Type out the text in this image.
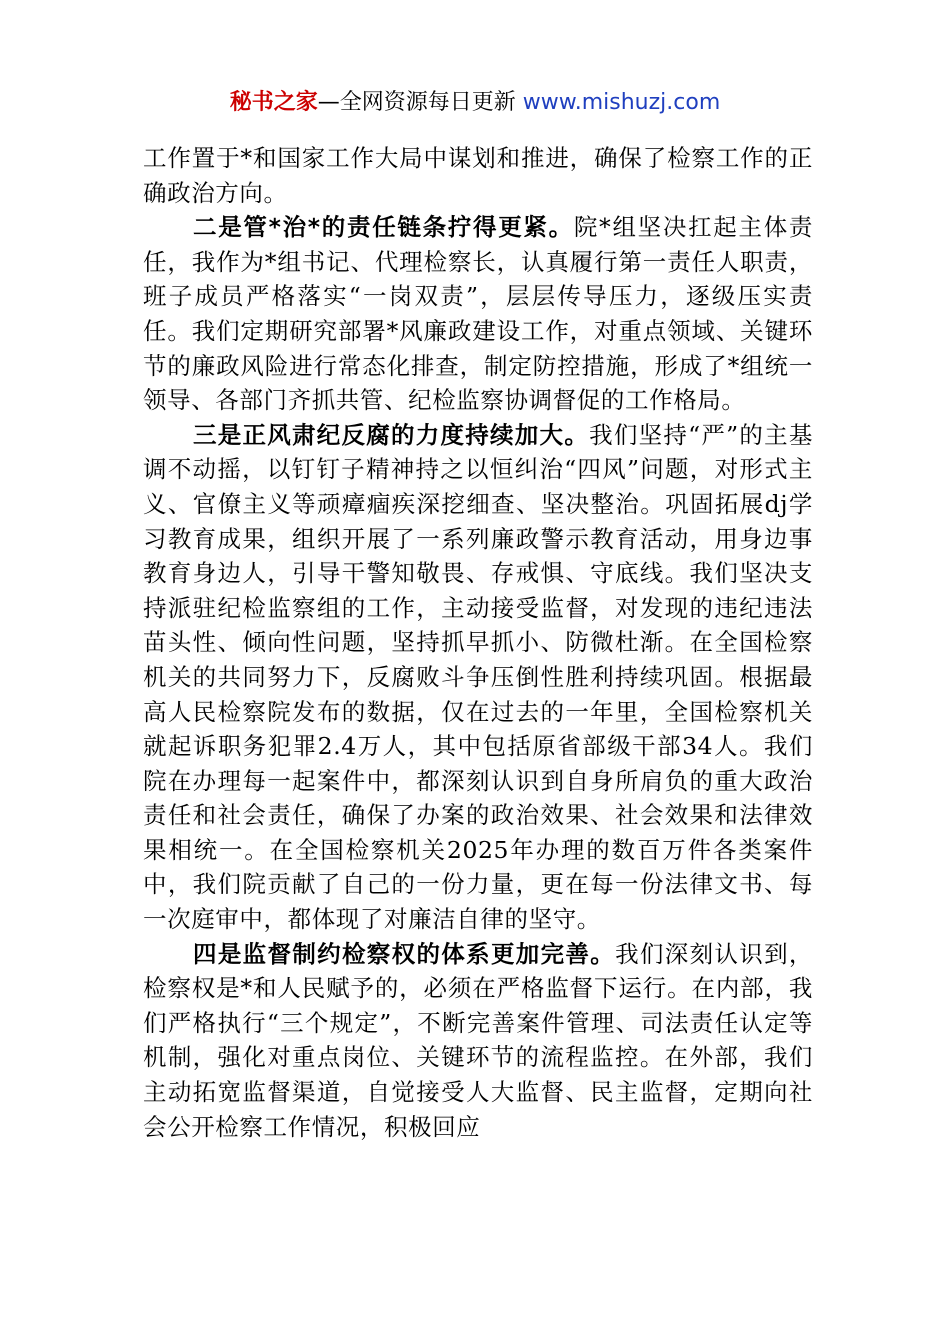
秘书之家—全网资源每日更新 www.mishuzj.com

工作置于*和国家工作大局中谋划和推进，确保了检察工作的正确政治方向。

二是管*治*的责任链条拧得更紧。院*组坚决扛起主体责任，我作为*组书记、代理检察长，认真履行第一责任人职责，班子成员严格落实“一岗双责”，层层传导压力，逐级压实责任。我们定期研究部署*风廉政建设工作，对重点领域、关键环节的廉政风险进行常态化排查，制定防控措施，形成了*组统一领导、各部门齐抓共管、纪检监察协调督促的工作格局。

三是正风肃纪反腐的力度持续加大。我们坚持“严”的主基调不动摇，以钉钉子精神持之以恒纠治“四风”问题，对形式主义、官僚主义等顽瘴痼疾深挖细查、坚决整治。巩固拓展dj学习教育成果，组织开展了一系列廉政警示教育活动，用身边事教育身边人，引导干警知敬畏、存戒惧、守底线。我们坚决支持派驻纪检监察组的工作，主动接受监督，对发现的违纪违法苗头性、倾向性问题，坚持抓早抓小、防微杜渐。在全国检察机关的共同努力下，反腐败斗争压倒性胜利持续巩固。根据最高人民检察院发布的数据，仅在过去的一年里，全国检察机关就起诉职务犯罪2.4万人，其中包括原省部级干部34人。我们院在办理每一起案件中，都深刻认识到自身所肩负的重大政治责任和社会责任，确保了办案的政治效果、社会效果和法律效果相统一。在全国检察机关2025年办理的数百万件各类案件中，我们院贡献了自己的一份力量，更在每一份法律文书、每一次庭审中，都体现了对廉洁自律的坚守。

四是监督制约检察权的体系更加完善。我们深刻认识到，检察权是*和人民赋予的，必须在严格监督下运行。在内部，我们严格执行“三个规定”，不断完善案件管理、司法责任认定等机制，强化对重点岗位、关键环节的流程监控。在外部，我们主动拓宽监督渠道，自觉接受人大监督、民主监督，定期向社会公开检察工作情况，积极回应
